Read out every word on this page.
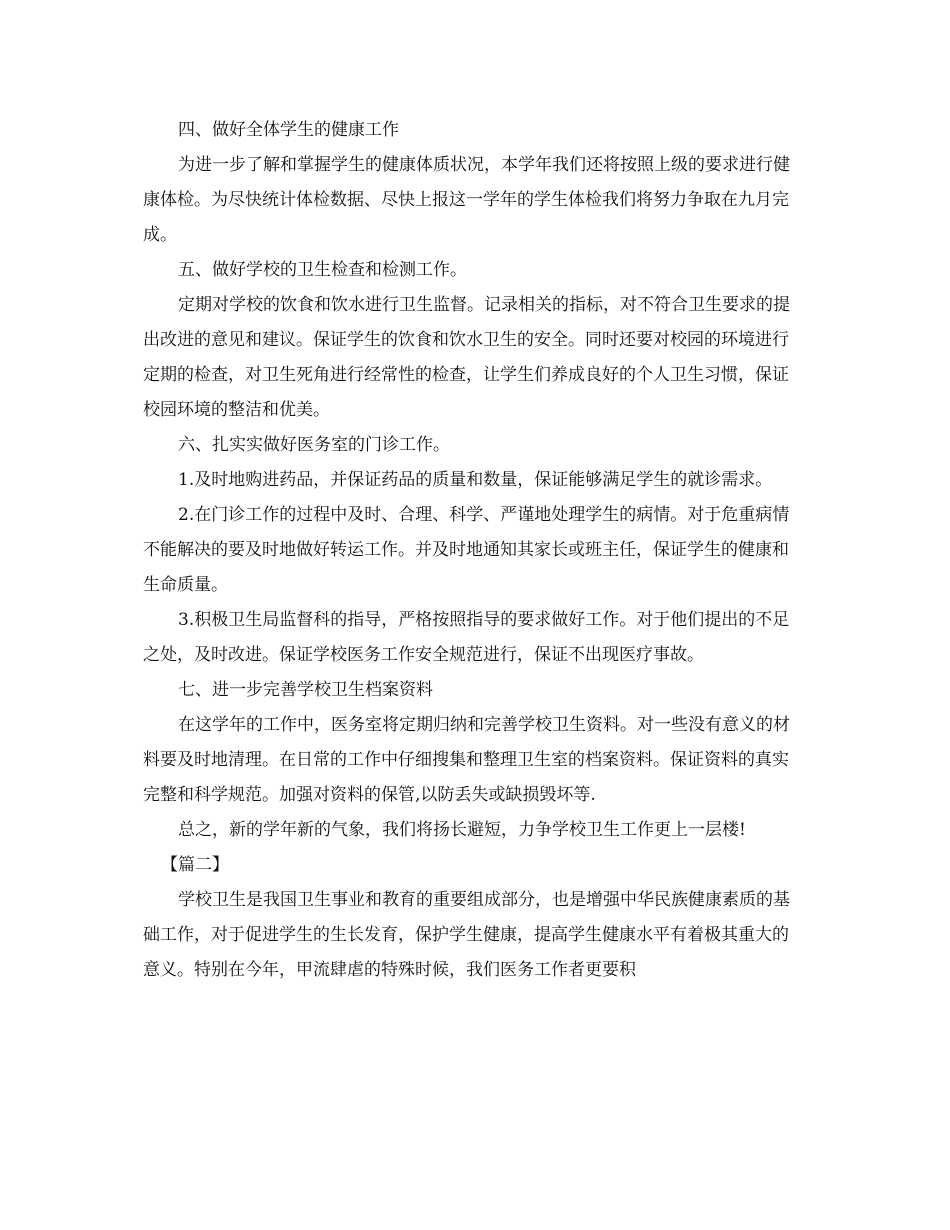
四、做好全体学生的健康工作

为进一步了解和掌握学生的健康体质状况，本学年我们还将按照上级的要求进行健康体检。为尽快统计体检数据、尽快上报这一学年的学生体检我们将努力争取在九月完成。

五、做好学校的卫生检查和检测工作。

定期对学校的饮食和饮水进行卫生监督。记录相关的指标，对不符合卫生要求的提出改进的意见和建议。保证学生的饮食和饮水卫生的安全。同时还要对校园的环境进行定期的检查，对卫生死角进行经常性的检查，让学生们养成良好的个人卫生习惯，保证校园环境的整洁和优美。

六、扎实实做好医务室的门诊工作。

1.及时地购进药品，并保证药品的质量和数量，保证能够满足学生的就诊需求。

2.在门诊工作的过程中及时、合理、科学、严谨地处理学生的病情。对于危重病情不能解决的要及时地做好转运工作。并及时地通知其家长或班主任，保证学生的健康和生命质量。

3.积极卫生局监督科的指导，严格按照指导的要求做好工作。对于他们提出的不足之处，及时改进。保证学校医务工作安全规范进行，保证不出现医疗事故。

七、进一步完善学校卫生档案资料

在这学年的工作中，医务室将定期归纳和完善学校卫生资料。对一些没有意义的材料要及时地清理。在日常的工作中仔细搜集和整理卫生室的档案资料。保证资料的真实完整和科学规范。加强对资料的保管,以防丢失或缺损毁坏等.

总之，新的学年新的气象，我们将扬长避短，力争学校卫生工作更上一层楼!

【篇二】

学校卫生是我国卫生事业和教育的重要组成部分，也是增强中华民族健康素质的基础工作，对于促进学生的生长发育，保护学生健康，提高学生健康水平有着极其重大的意义。特别在今年，甲流肆虐的特殊时候，我们医务工作者更要积
